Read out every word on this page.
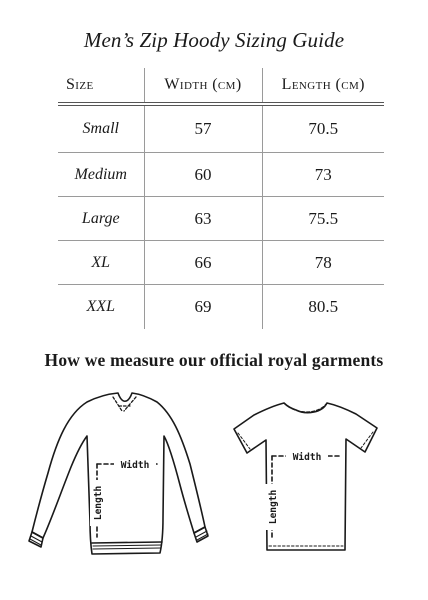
Men’s Zip Hoody Sizing Guide
Size	Width (cm)	Length (cm)
Small	57	70.5
Medium	60	73
Large	63	75.5
XL	66	78
XXL	69	80.5
How we measure our official royal garments
Width
Length
Width
Length
